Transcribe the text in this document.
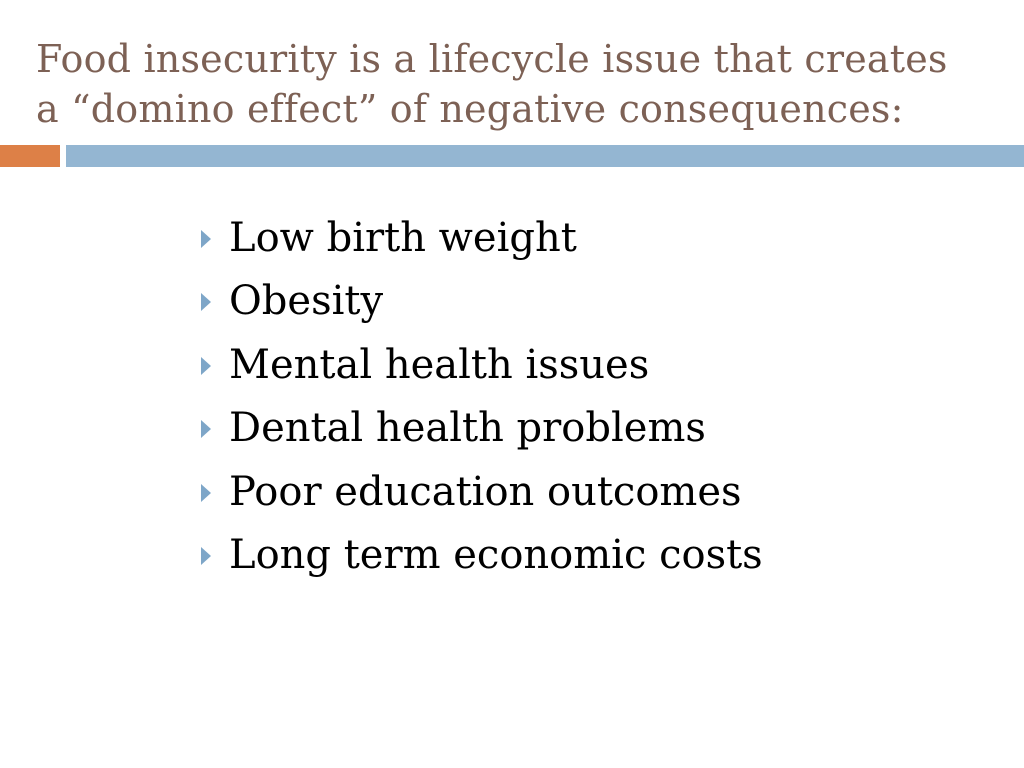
Food insecurity is a lifecycle issue that creates
a “domino effect” of negative consequences:
Low birth weight
Obesity
Mental health issues
Dental health problems
Poor education outcomes
Long term economic costs
